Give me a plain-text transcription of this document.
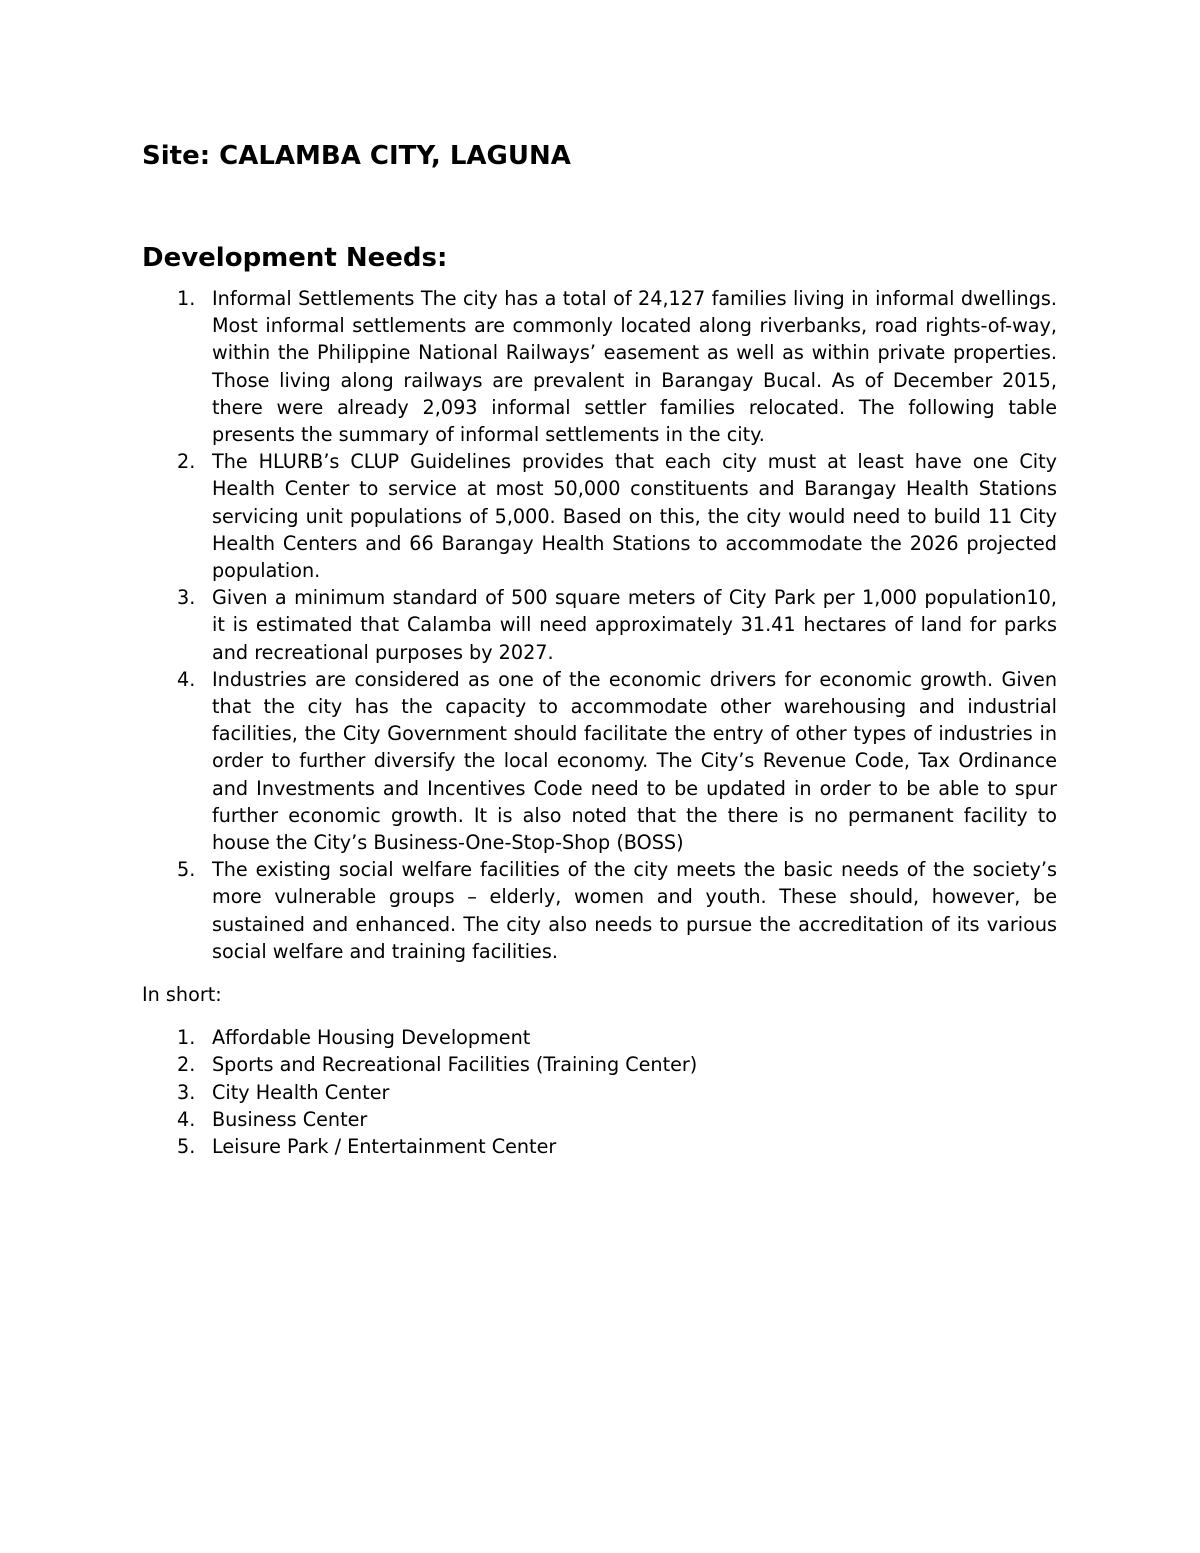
Site: CALAMBA CITY, LAGUNA
Development Needs:
1. Informal Settlements The city has a total of 24,127 families living in informal dwellings. Most informal settlements are commonly located along riverbanks, road rights-of-way, within the Philippine National Railways’ easement as well as within private properties. Those living along railways are prevalent in Barangay Bucal. As of December 2015, there were already 2,093 informal settler families relocated. The following table presents the summary of informal settlements in the city.
2. The HLURB’s CLUP Guidelines provides that each city must at least have one City Health Center to service at most 50,000 constituents and Barangay Health Stations servicing unit populations of 5,000. Based on this, the city would need to build 11 City Health Centers and 66 Barangay Health Stations to accommodate the 2026 projected population.
3. Given a minimum standard of 500 square meters of City Park per 1,000 population10, it is estimated that Calamba will need approximately 31.41 hectares of land for parks and recreational purposes by 2027.
4. Industries are considered as one of the economic drivers for economic growth. Given that the city has the capacity to accommodate other warehousing and industrial facilities, the City Government should facilitate the entry of other types of industries in order to further diversify the local economy. The City’s Revenue Code, Tax Ordinance and Investments and Incentives Code need to be updated in order to be able to spur further economic growth. It is also noted that the there is no permanent facility to house the City’s Business-One-Stop-Shop (BOSS)
5. The existing social welfare facilities of the city meets the basic needs of the society’s more vulnerable groups – elderly, women and youth. These should, however, be sustained and enhanced. The city also needs to pursue the accreditation of its various social welfare and training facilities.

In short:

1. Affordable Housing Development
2. Sports and Recreational Facilities (Training Center)
3. City Health Center
4. Business Center
5. Leisure Park / Entertainment Center
